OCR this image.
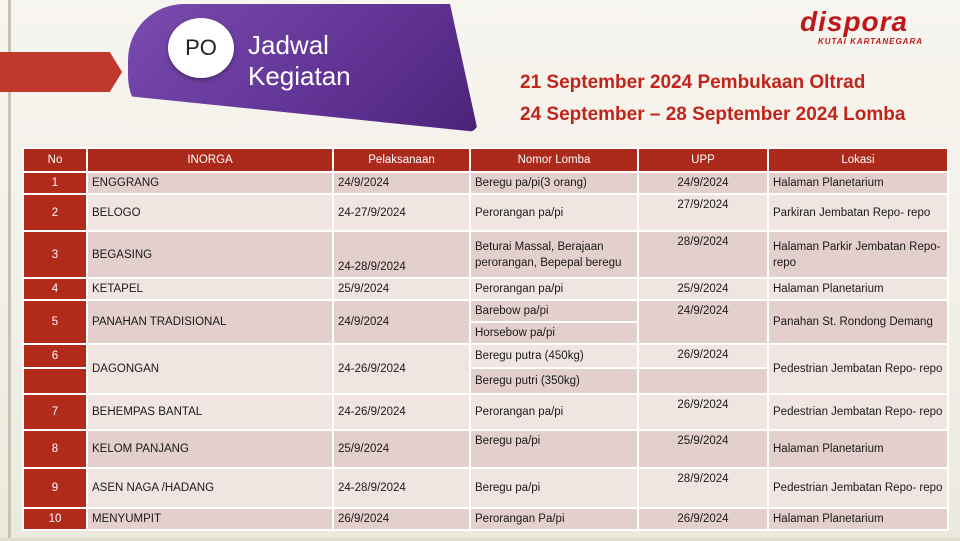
PO	Jadwal
Kegiatan
dispora
KUTAI KARTANEGARA
21 September 2024 Pembukaan Oltrad
24 September – 28 September 2024 Lomba
No	INORGA	Pelaksanaan	Nomor Lomba	UPP	Lokasi
1	ENGGRANG	24/9/2024	Beregu pa/pi(3 orang)	24/9/2024	Halaman Planetarium
2	BELOGO	24-27/9/2024	Perorangan pa/pi	27/9/2024	Parkiran Jembatan Repo- repo
3	BEGASING	24-28/9/2024	Beturai Massal, Berajaan perorangan, Bepepal beregu	28/9/2024	Halaman Parkir Jembatan Repo- repo
4	KETAPEL	25/9/2024	Perorangan pa/pi	25/9/2024	Halaman Planetarium
5	PANAHAN TRADISIONAL	24/9/2024	Barebow pa/pi	24/9/2024	Panahan St. Rondong Demang
			Horsebow pa/pi		
6	DAGONGAN	24-26/9/2024	Beregu putra (450kg)	26/9/2024	Pedestrian Jembatan Repo- repo
			Beregu putri (350kg)		
7	BEHEMPAS BANTAL	24-26/9/2024	Perorangan pa/pi	26/9/2024	Pedestrian Jembatan Repo- repo
8	KELOM PANJANG	25/9/2024	Beregu pa/pi	25/9/2024	Halaman Planetarium
9	ASEN NAGA /HADANG	24-28/9/2024	Beregu pa/pi	28/9/2024	Pedestrian Jembatan Repo- repo
10	MENYUMPIT	26/9/2024	Perorangan Pa/pi	26/9/2024	Halaman Planetarium
